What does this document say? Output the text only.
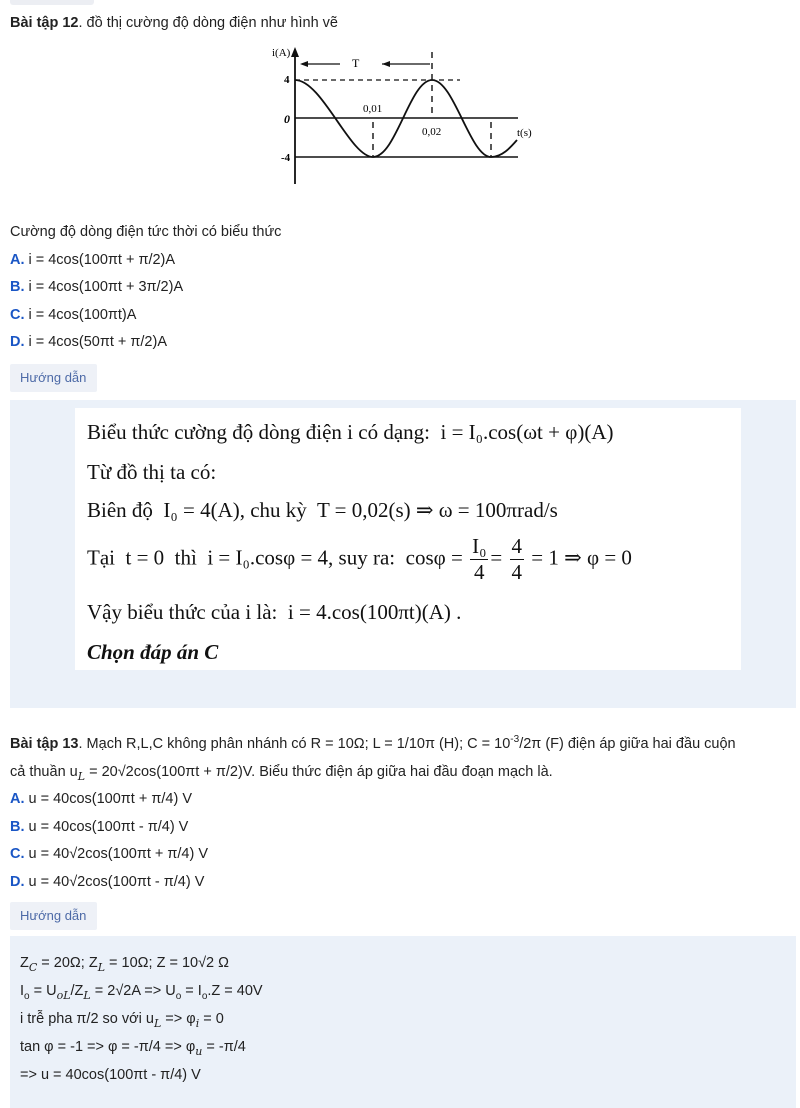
Bài tập 12. đồ thị cường độ dòng điện như hình vẽ
i(A)
T
4
0
-4
0,01
0,02	t(s)
Cường độ dòng điện tức thời có biểu thức
A. i = 4cos(100πt + π/2)A
B. i = 4cos(100πt + 3π/2)A
C. i = 4cos(100πt)A
D. i = 4cos(50πt + π/2)A
Hướng dẫn
Biểu thức cường độ dòng điện i có dạng: i = I₀.cos(ωt + φ)(A)
Từ đồ thị ta có:
Biên độ I₀ = 4(A), chu kỳ T = 0,02(s) ⇒ ω = 100πrad/s
Tại t = 0 thì i = I₀.cosφ = 4, suy ra: $\cos\varphi = \frac{\text{I₀}}{4} = \frac{4}{4} = 1$ ⇒ φ = 0
Vậy biểu thức của i là: i = 4.cos(100πt)(A) .
Chọn đáp án C
Bài tập 13. Mạch R,L,C không phân nhánh có R = 10Ω; L = 1/10π (H); $C = 10^{-3}/2\pi$ (F) điện áp giữa hai đầu cuộn
cả thuần $u_L = 20√2\cos(100\pi t + \pi/2)V$. Biểu thức điện áp giữa hai đầu đoạn mạch là.
A. u = 40cos(100πt + π/4) V
B. u = 40cos(100πt - π/4) V
C. u = 40√2cos(100πt + π/4) V
D. u = 40√2cos(100πt - π/4) V
Hướng dẫn
$Z_C = 20\Omega$; $Z_L = 10\Omega$; Z = 10√2 Ω
$I_o = U_{oL}/Z_L = 2√2A => U_o = I_o.Z = 40V$
i trễ pha π/2 so với $u_L => \varphi_i = 0$
$\tan \varphi = -1 => \varphi = -\pi/4 => \varphi_u = -\pi/4$
=> u = 40cos(100πt - π/4) V
